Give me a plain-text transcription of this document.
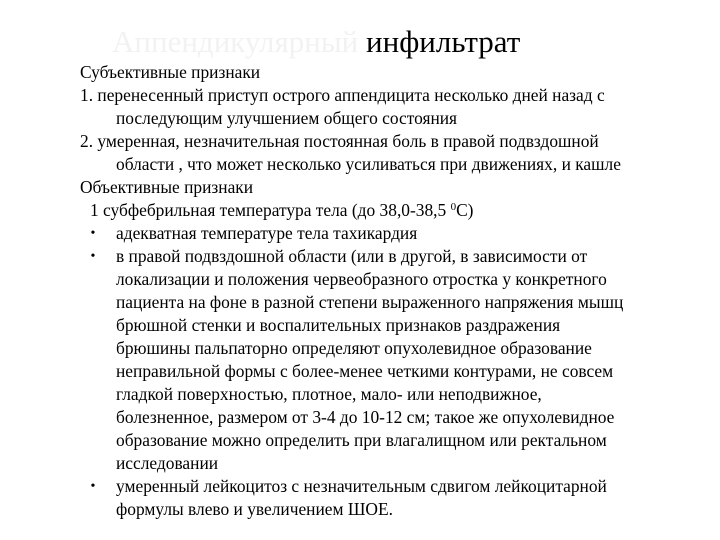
Аппендикулярный инфильтрат
Субъективные признаки
1. перенесенный приступ острого аппендицита несколько дней назад с
последующим улучшением общего состояния
2. умеренная, незначительная постоянная боль в правой подвздошной
области , что может несколько усиливаться при движениях, и кашле
Объективные признаки
1 субфебрильная температура тела (до 38,0-38,5 $^0$С)
•	адекватная температуре тела тахикардия
•	в правой подвздошной области (или в другой, в зависимости от
локализации и положения червеобразного отростка у конкретного
пациента на фоне в разной степени выраженного напряжения мышц
брюшной стенки и воспалительных признаков раздражения
брюшины пальпаторно определяют опухолевидное образование
неправильной формы с более-менее четкими контурами, не совсем
гладкой поверхностью, плотное, мало- или неподвижное,
болезненное, размером от 3-4 до 10-12 см; такое же опухолевидное
образование можно определить при влагалищном или ректальном
исследовании
•	умеренный лейкоцитоз с незначительным сдвигом лейкоцитарной
формулы влево и увеличением ШОЕ.
